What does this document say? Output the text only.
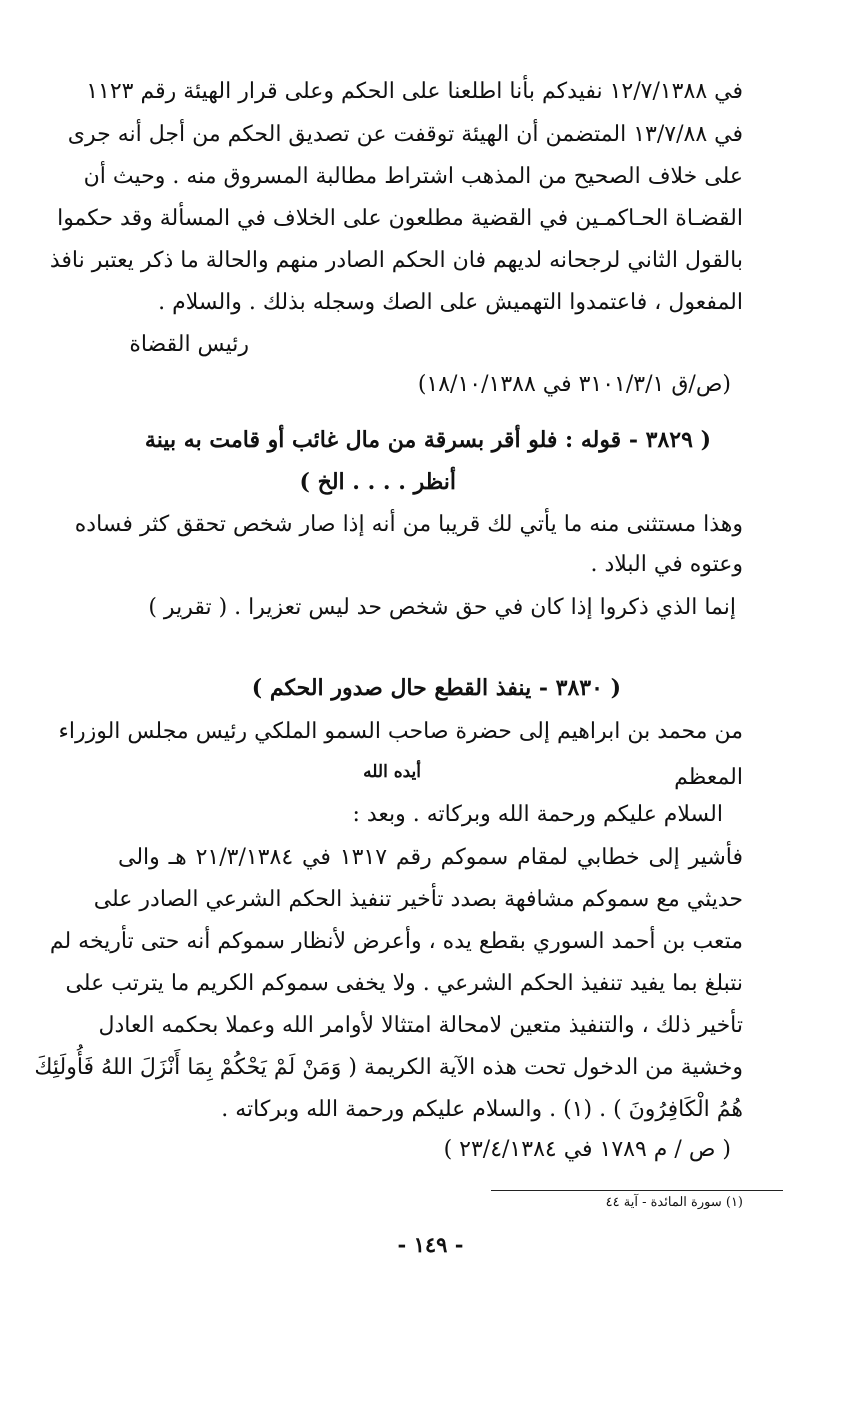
في ١٢/٧/١٣٨٨ نفيدكم بأنا اطلعنا على الحكم وعلى قرار الهيئة رقم ١١٢٣
في ١٣/٧/٨٨ المتضمن أن الهيئة توقفت عن تصديق الحكم من أجل أنه جرى
على خلاف الصحيح من المذهب اشتراط مطالبة المسروق منه . وحيث أن
القضـاة الحـاكمـين في القضية مطلعون على الخلاف في المسألة وقد حكموا
بالقول الثاني لرجحانه لديهم فان الحكم الصادر منهم والحالة ما ذكر يعتبر نافذ
المفعول ، فاعتمدوا التهميش على الصك وسجله بذلك . والسلام .
رئيس القضاة
(ص/ق ٣١٠١/٣/١ في ١٨/١٠/١٣٨٨)
( ٣٨٢٩ - قوله : فلو أقر بسرقة من مال غائب أو قامت به بينة
أنظر . . . . الخ )
وهذا مستثنى منه ما يأتي لك قريبا من أنه إذا صار شخص تحقق كثر فساده
وعتوه في البلاد .
إنما الذي ذكروا إذا كان في حق شخص حد ليس تعزيرا . ( تقرير )
( ٣٨٣٠ - ينفذ القطع حال صدور الحكم )
من محمد بن ابراهيم إلى حضرة صاحب السمو الملكي رئيس مجلس الوزراء
المعظم
أيده الله
السلام عليكم ورحمة الله وبركاته . وبعد :
فأشير إلى خطابي لمقام سموكم رقم ١٣١٧ في ٢١/٣/١٣٨٤ هـ والى
حديثي مع سموكم مشافهة بصدد تأخير تنفيذ الحكم الشرعي الصادر على
متعب بن أحمد السوري بقطع يده ، وأعرض لأنظار سموكم أنه حتى تأريخه لم
نتبلغ بما يفيد تنفيذ الحكم الشرعي . ولا يخفى سموكم الكريم ما يترتب على
تأخير ذلك ، والتنفيذ متعين لامحالة امتثالا لأوامر الله وعملا بحكمه العادل
وخشية من الدخول تحت هذه الآية الكريمة ( وَمَنْ لَمْ يَحْكُمْ بِمَا أَنْزَلَ اللهُ فَأُولَئِكَ
هُمُ الْكَافِرُونَ ) . (١) . والسلام عليكم ورحمة الله وبركاته .
( ص / م ١٧٨٩ في ٢٣/٤/١٣٨٤ )
(١) سورة المائدة - آية ٤٤
- ١٤٩ -
